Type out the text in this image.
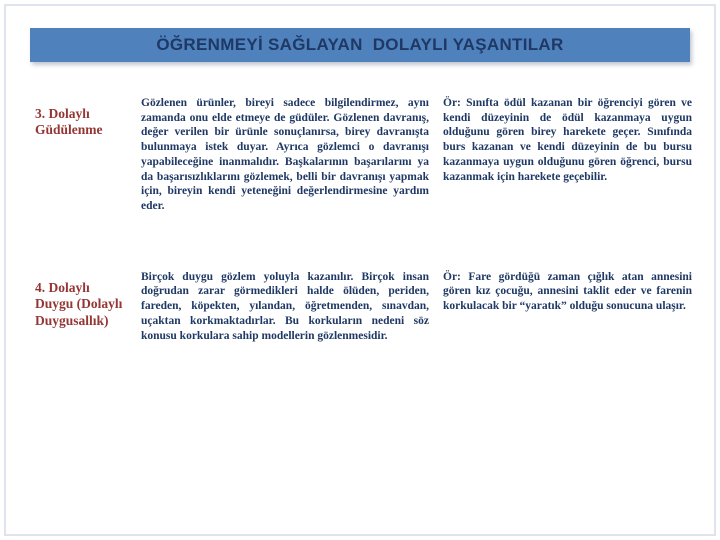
ÖĞRENMEYİ SAĞLAYAN  DOLAYLI YAŞANTILAR
3. Dolaylı Güdülenme
Gözlenen ürünler, bireyi sadece bilgilendirmez, aynı zamanda onu elde etmeye de güdüler. Gözlenen davranış, değer verilen bir ürünle sonuçlanırsa, birey davranışta bulunmaya istek duyar. Ayrıca gözlemci o davranışı yapabileceğine inanmalıdır. Başkalarının başarılarını ya da başarısızlıklarını gözlemek, belli bir davranışı yapmak için, bireyin kendi yeteneğini değerlendirmesine yardım eder.
Ör: Sınıfta ödül kazanan bir öğrenciyi gören ve kendi düzeyinin de ödül kazanmaya uygun olduğunu gören birey harekete geçer. Sınıfında burs kazanan ve kendi düzeyinin de bu bursu kazanmaya uygun olduğunu gören öğrenci, bursu kazanmak için harekete geçebilir.
4. Dolaylı Duygu (Dolaylı Duygusallık)
Birçok duygu gözlem yoluyla kazanılır. Birçok insan doğrudan zarar görmedikleri halde ölüden, periden, fareden, köpekten, yılandan, öğretmenden, sınavdan, uçaktan korkmaktadırlar. Bu korkuların nedeni söz konusu korkulara sahip modellerin gözlenmesidir.
Ör: Fare gördüğü zaman çığlık atan annesini gören kız çocuğu, annesini taklit eder ve farenin korkulacak bir “yaratık” olduğu sonucuna ulaşır.
